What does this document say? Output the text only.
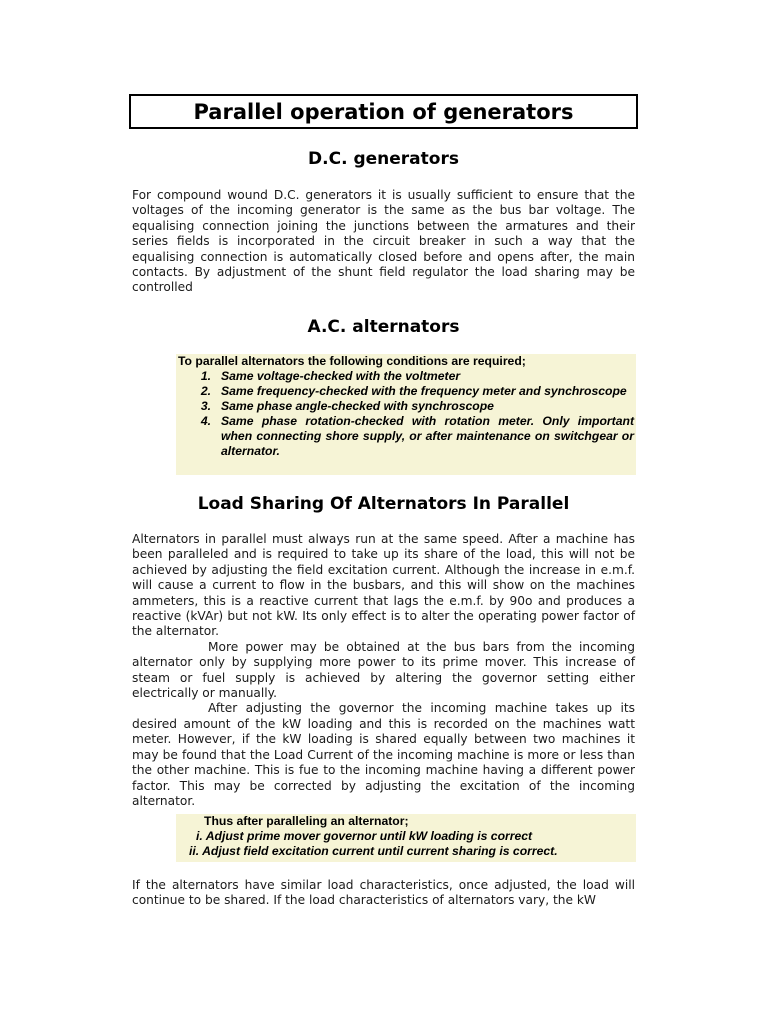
Parallel operation of generators
D.C. generators

For compound wound D.C. generators it is usually sufficient to ensure that the voltages of the incoming generator is the same as the bus bar voltage. The equalising connection joining the junctions between the armatures and their series fields is incorporated in the circuit breaker in such a way that the equalising connection is automatically closed before and opens after, the main contacts. By adjustment of the shunt field regulator the load sharing may be controlled

A.C. alternators
To parallel alternators the following conditions are required;
1. Same voltage-checked with the voltmeter
2. Same frequency-checked with the frequency meter and synchroscope
3. Same phase angle-checked with synchroscope
4. Same phase rotation-checked with rotation meter. Only important when connecting shore supply, or after maintenance on switchgear or alternator.
Load Sharing Of Alternators In Parallel

Alternators in parallel must always run at the same speed. After a machine has been paralleled and is required to take up its share of the load, this will not be achieved by adjusting the field excitation current. Although the increase in e.m.f. will cause a current to flow in the busbars, and this will show on the machines ammeters, this is a reactive current that lags the e.m.f. by 90o and produces a reactive (kVAr) but not kW. Its only effect is to alter the operating power factor of the alternator.

More power may be obtained at the bus bars from the incoming alternator only by supplying more power to its prime mover. This increase of steam or fuel supply is achieved by altering the governor setting either electrically or manually.

After adjusting the governor the incoming machine takes up its desired amount of the kW loading and this is recorded on the machines watt meter. However, if the kW loading is shared equally between two machines it may be found that the Load Current of the incoming machine is more or less than the other machine. This is fue to the incoming machine having a different power factor. This may be corrected by adjusting the excitation of the incoming alternator.

Thus after paralleling an alternator;
i. Adjust prime mover governor until kW loading is correct
ii. Adjust field excitation current until current sharing is correct.

If the alternators have similar load characteristics, once adjusted, the load will continue to be shared. If the load characteristics of alternators vary, the kW
